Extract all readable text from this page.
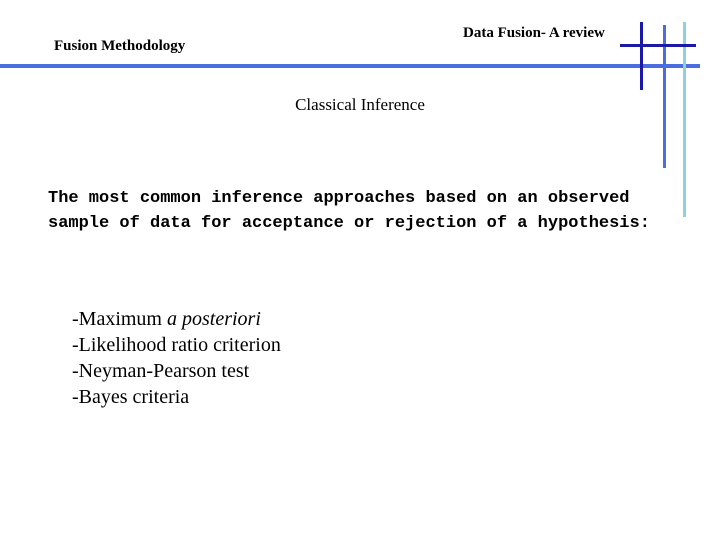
Fusion Methodology
Data Fusion- A review
Classical Inference
The most common inference approaches based on an observed sample of data for acceptance or rejection of a hypothesis:
-Maximum a posteriori
-Likelihood ratio criterion
-Neyman-Pearson test
-Bayes criteria
